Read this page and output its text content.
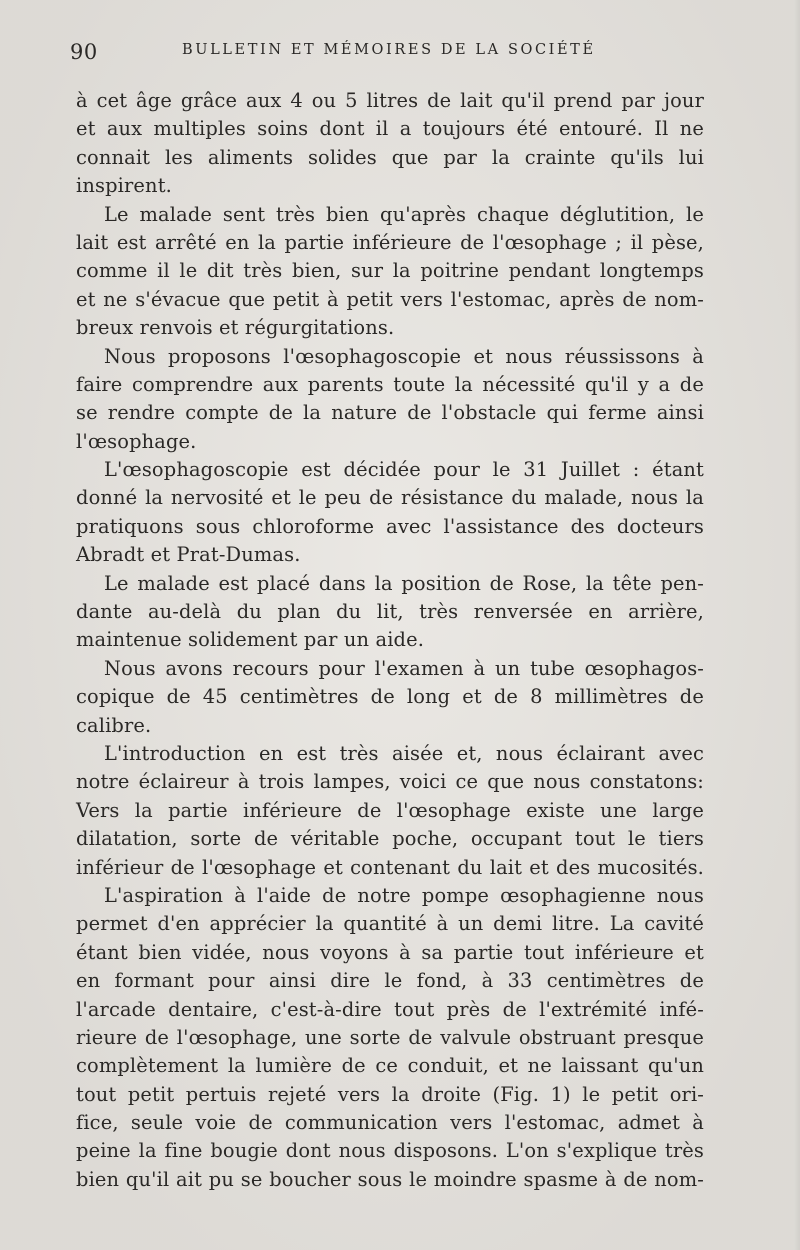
90	BULLETIN ET MÉMOIRES DE LA SOCIÉTÉ
à cet âge grâce aux 4 ou 5 litres de lait qu'il prend par jour
et aux multiples soins dont il a toujours été entouré. Il ne
connait les aliments solides que par la crainte qu'ils lui
inspirent.
Le malade sent très bien qu'après chaque déglutition, le
lait est arrêté en la partie inférieure de l'œsophage ; il pèse,
comme il le dit très bien, sur la poitrine pendant longtemps
et ne s'évacue que petit à petit vers l'estomac, après de nom-
breux renvois et régurgitations.
Nous proposons l'œsophagoscopie et nous réussissons à
faire comprendre aux parents toute la nécessité qu'il y a de
se rendre compte de la nature de l'obstacle qui ferme ainsi
l'œsophage.
L'œsophagoscopie est décidée pour le 31 Juillet : étant
donné la nervosité et le peu de résistance du malade, nous la
pratiquons sous chloroforme avec l'assistance des docteurs
Abradt et Prat-Dumas.
Le malade est placé dans la position de Rose, la tête pen-
dante au-delà du plan du lit, très renversée en arrière,
maintenue solidement par un aide.
Nous avons recours pour l'examen à un tube œsophagos-
copique de 45 centimètres de long et de 8 millimètres de
calibre.
L'introduction en est très aisée et, nous éclairant avec
notre éclaireur à trois lampes, voici ce que nous constatons:
Vers la partie inférieure de l'œsophage existe une large
dilatation, sorte de véritable poche, occupant tout le tiers
inférieur de l'œsophage et contenant du lait et des mucosités.
L'aspiration à l'aide de notre pompe œsophagienne nous
permet d'en apprécier la quantité à un demi litre. La cavité
étant bien vidée, nous voyons à sa partie tout inférieure et
en formant pour ainsi dire le fond, à 33 centimètres de
l'arcade dentaire, c'est-à-dire tout près de l'extrémité infé-
rieure de l'œsophage, une sorte de valvule obstruant presque
complètement la lumière de ce conduit, et ne laissant qu'un
tout petit pertuis rejeté vers la droite (Fig. 1) le petit ori-
fice, seule voie de communication vers l'estomac, admet à
peine la fine bougie dont nous disposons. L'on s'explique très
bien qu'il ait pu se boucher sous le moindre spasme à de nom-
